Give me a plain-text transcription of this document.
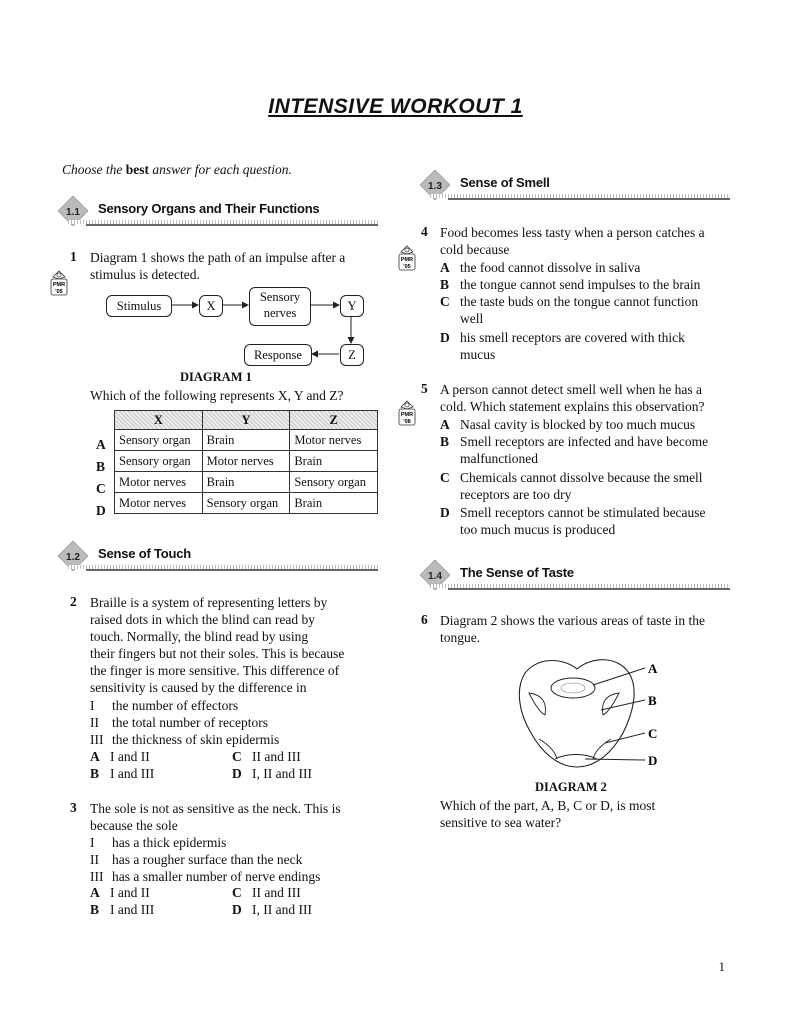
INTENSIVE WORKOUT 1
Choose the best answer for each question.
1.1 Sensory Organs and Their Functions
1 Diagram 1 shows the path of an impulse after a
stimulus is detected.
PMR
'05
Stimulus	X
Sensory
nerves	Y
Response	Z
DIAGRAM 1
Which of the following represents X, Y and Z?
A
B
C
D
X	Y	Z
Sensory organ	Brain	Motor nerves
Sensory organ	Motor nerves	Brain
Motor nerves	Brain	Sensory organ
Motor nerves	Sensory organ	Brain
1.2 Sense of Touch
2 Braille is a system of representing letters by
raised dots in which the blind can read by
touch. Normally, the blind read by using
their fingers but not their soles. This is because
the finger is more sensitive. This difference of
sensitivity is caused by the difference in
I the number of effectors
II the total number of receptors
III the thickness of skin epidermis
A I and II
B I and III
C II and III
D I, II and III
3 The sole is not as sensitive as the neck. This is
because the sole
I has a thick epidermis
II has a rougher surface than the neck
III has a smaller number of nerve endings
A I and II
B I and III
C II and III
D I, II and III
1.3 Sense of Smell
4
PMR
'05
Food becomes less tasty when a person catches a
cold because
A the food cannot dissolve in saliva
B the tongue cannot send impulses to the brain
C the taste buds on the tongue cannot function
well
D his smell receptors are covered with thick
mucus
5
PMR
'08
A person cannot detect smell well when he has a
cold. Which statement explains this observation?
A Nasal cavity is blocked by too much mucus
B Smell receptors are infected and have become
malfunctioned
C Chemicals cannot dissolve because the smell
receptors are too dry
D Smell receptors cannot be stimulated because
too much mucus is produced
1.4 The Sense of Taste
6 Diagram 2 shows the various areas of taste in the
tongue.
A
B
C
D
DIAGRAM 2
Which of the part, A, B, C or D, is most
sensitive to sea water?
1
